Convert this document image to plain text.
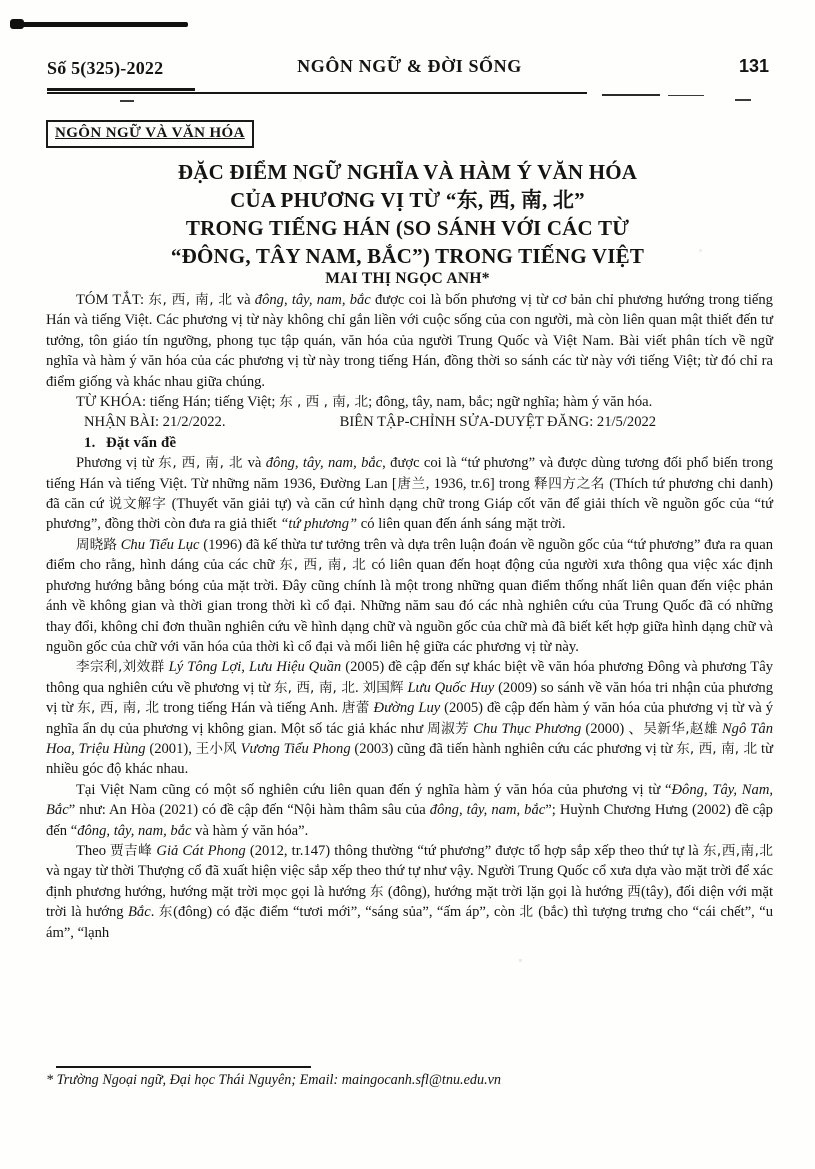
Số 5(325)-2022	NGÔN NGỮ & ĐỜI SỐNG	131
NGÔN NGỮ VÀ VĂN HÓA
ĐẶC ĐIỂM NGỮ NGHĨA VÀ HÀM Ý VĂN HÓA
CỦA PHƯƠNG VỊ TỪ “东, 西, 南, 北”
TRONG TIẾNG HÁN (SO SÁNH VỚI CÁC TỪ
“ĐÔNG, TÂY NAM, BẮC”) TRONG TIẾNG VIỆT
MAI THỊ NGỌC ANH*

TÓM TẮT: 东, 西, 南, 北 và đông, tây, nam, bắc được coi là bốn phương vị từ cơ bản chỉ phương hướng trong tiếng Hán và tiếng Việt. Các phương vị từ này không chỉ gắn liền với cuộc sống của con người, mà còn liên quan mật thiết đến tư tưởng, tôn giáo tín ngưỡng, phong tục tập quán, văn hóa của người Trung Quốc và Việt Nam. Bài viết phân tích về ngữ nghĩa và hàm ý văn hóa của các phương vị từ này trong tiếng Hán, đồng thời so sánh các từ này với tiếng Việt; từ đó chỉ ra điểm giống và khác nhau giữa chúng.

TỪ KHÓA: tiếng Hán; tiếng Việt; 东 , 西 , 南, 北; đông, tây, nam, bắc; ngữ nghĩa; hàm ý văn hóa.

NHẬN BÀI: 21/2/2022.	BIÊN TẬP-CHỈNH SỬA-DUYỆT ĐĂNG: 21/5/2022

1. Đặt vấn đề

Phương vị từ 东, 西, 南, 北 và đông, tây, nam, bắc, được coi là “tứ phương” và được dùng tương đối phổ biến trong tiếng Hán và tiếng Việt. Từ những năm 1936, Đường Lan [唐兰, 1936, tr.6] trong 释四方之名 (Thích tứ phương chi danh) đã căn cứ 说文解字 (Thuyết văn giải tự) và căn cứ hình dạng chữ trong Giáp cốt văn để giải thích về nguồn gốc của “tứ phương”, đồng thời còn đưa ra giả thiết “tứ phương” có liên quan đến ánh sáng mặt trời.

周晓路 Chu Tiểu Lục (1996) đã kế thừa tư tưởng trên và dựa trên luận đoán về nguồn gốc của “tứ phương” đưa ra quan điểm cho rằng, hình dáng của các chữ 东, 西, 南, 北 có liên quan đến hoạt động của người xưa thông qua việc xác định phương hướng bằng bóng của mặt trời. Đây cũng chính là một trong những quan điểm thống nhất liên quan đến việc phản ánh về không gian và thời gian trong thời kì cổ đại. Những năm sau đó các nhà nghiên cứu của Trung Quốc đã có những thay đổi, không chỉ đơn thuần nghiên cứu về hình dạng chữ và nguồn gốc của chữ mà đã biết kết hợp giữa hình dạng chữ và nguồn gốc của chữ với văn hóa của thời kì cổ đại và mối liên hệ giữa các phương vị từ này.

李宗利,刘效群 Lý Tông Lợi, Lưu Hiệu Quần (2005) đề cập đến sự khác biệt về văn hóa phương Đông và phương Tây thông qua nghiên cứu về phương vị từ 东, 西, 南, 北. 刘国辉 Lưu Quốc Huy (2009) so sánh về văn hóa tri nhận của phương vị từ 东, 西, 南, 北 trong tiếng Hán và tiếng Anh. 唐蕾 Đường Luy (2005) đề cập đến hàm ý văn hóa của phương vị từ và ý nghĩa ẩn dụ của phương vị không gian. Một số tác giả khác như 周淑芳 Chu Thục Phương (2000) 、吴新华,赵雄 Ngô Tân Hoa, Triệu Hùng (2001), 王小风 Vương Tiểu Phong (2003) cũng đã tiến hành nghiên cứu các phương vị từ 东, 西, 南, 北 từ nhiều góc độ khác nhau.

Tại Việt Nam cũng có một số nghiên cứu liên quan đến ý nghĩa hàm ý văn hóa của phương vị từ “Đông, Tây, Nam, Bắc” như: An Hòa (2021) có đề cập đến “Nội hàm thâm sâu của đông, tây, nam, bắc”; Huỳnh Chương Hưng (2002) đề cập đến “đông, tây, nam, bắc và hàm ý văn hóa”.

Theo 贾吉峰 Giả Cát Phong (2012, tr.147) thông thường “tứ phương” được tổ hợp sắp xếp theo thứ tự là 东,西,南,北 và ngay từ thời Thượng cổ đã xuất hiện việc sắp xếp theo thứ tự như vậy. Người Trung Quốc cổ xưa dựa vào mặt trời để xác định phương hướng, hướng mặt trời mọc gọi là hướng 东 (đông), hướng mặt trời lặn gọi là hướng 西(tây), đối diện với mặt trời là hướng Bắc. 东(đông) có đặc điểm “tươi mới”, “sáng sủa”, “ấm áp”, còn 北 (bắc) thì tượng trưng cho “cái chết”, “u ám”, “lạnh

* Trường Ngoại ngữ, Đại học Thái Nguyên; Email: maingocanh.sfl@tnu.edu.vn
